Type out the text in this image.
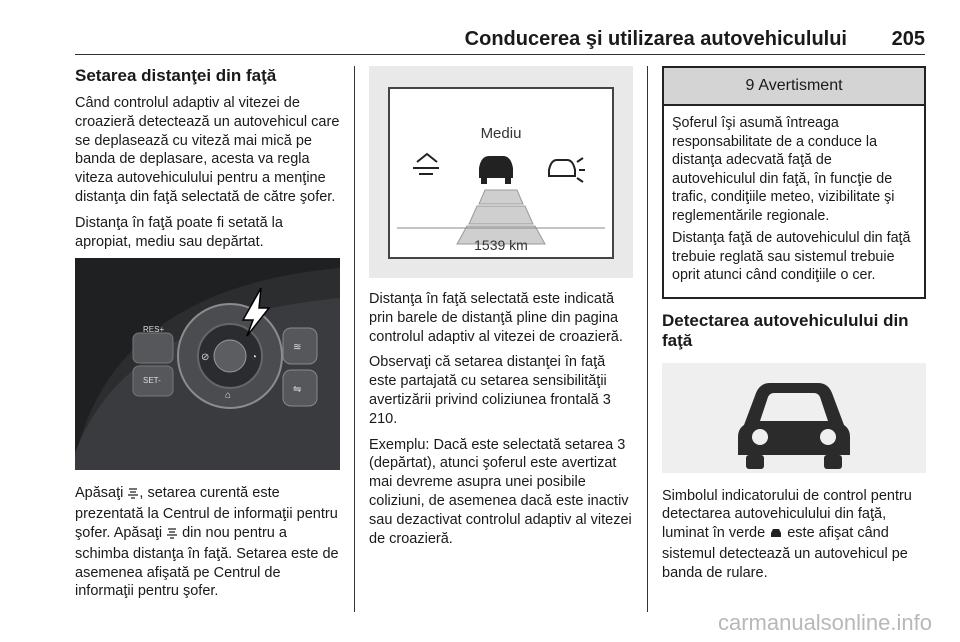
Conducerea şi utilizarea autovehiculului 205
Setarea distanţei din faţă

Când controlul adaptiv al vitezei de croazieră detectează un autovehicul care se deplasează cu viteză mai mică pe banda de deplasare, acesta va regla viteza autovehiculului pentru a menţine distanţa din faţă selectată de către şofer.

Distanţa în faţă poate fi setată la apropiat, mediu sau depărtat.

RES+
SET-
⊘	◔
⌂
≋
⇋

Apăsaţi , setarea curentă este prezentată la Centrul de informaţii pentru şofer. Apăsaţi  din nou pentru a schimba distanţa în faţă. Setarea este de asemenea afişată pe Centrul de informaţii pentru şofer.

Mediu
1539 km

Distanţa în faţă selectată este indicată prin barele de distanţă pline din pagina controlul adaptiv al vitezei de croazieră.

Observaţi că setarea distanţei în faţă este partajată cu setarea sensibilităţii avertizării privind coliziunea frontală 3 210.

Exemplu: Dacă este selectată setarea 3 (depărtat), atunci şoferul este avertizat mai devreme asupra unei posibile coliziuni, de asemenea dacă este inactiv sau dezactivat controlul adaptiv al vitezei de croazieră.

9 Avertisment

Şoferul îşi asumă întreaga responsabilitate de a conduce la distanţa adecvată faţă de autovehiculul din faţă, în funcţie de trafic, condiţiile meteo, vizibilitate şi reglementările regionale.

Distanţa faţă de autovehiculul din faţă trebuie reglată sau sistemul trebuie oprit atunci când condiţiile o cer.

Detectarea autovehiculului din faţă

Simbolul indicatorului de control pentru detectarea autovehiculului din faţă, luminat în verde  este afişat când sistemul detectează un autovehicul pe banda de rulare.

carmanualsonline.info
